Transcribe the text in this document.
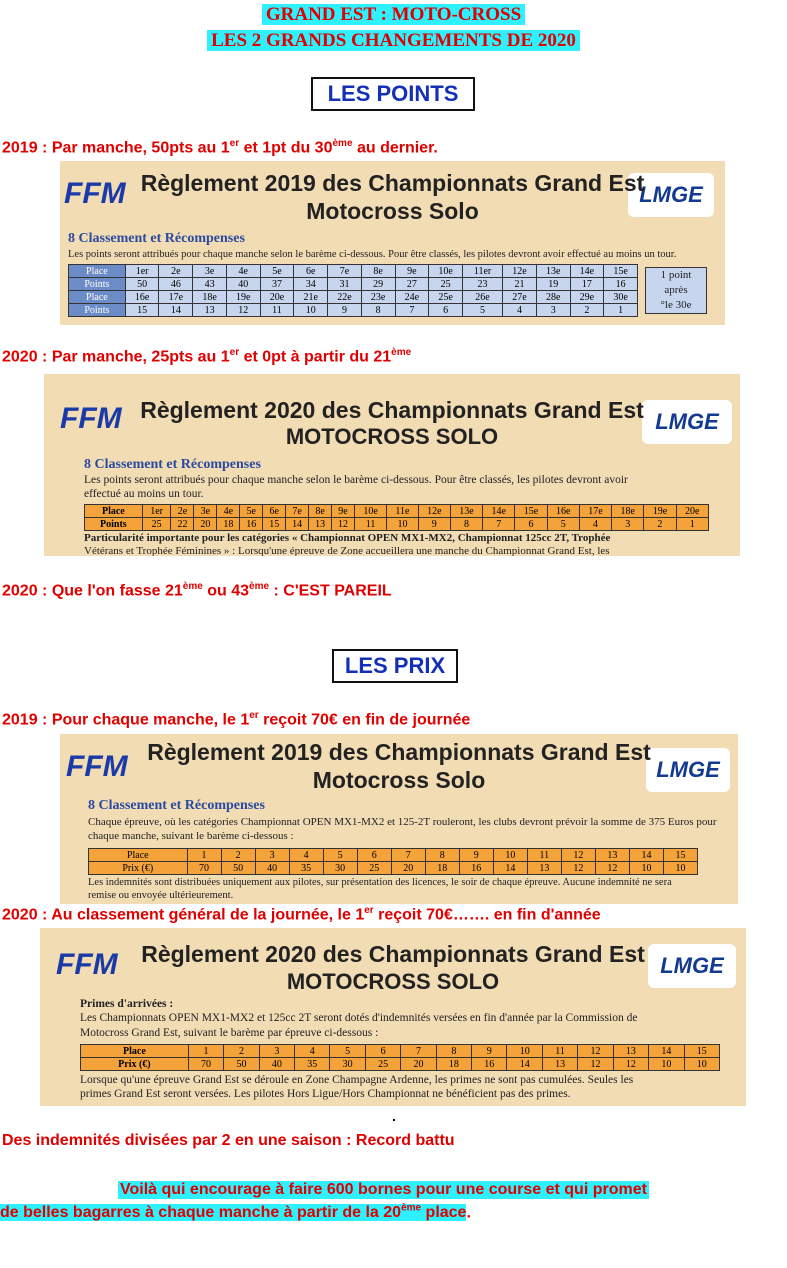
GRAND EST : MOTO-CROSS
LES 2 GRANDS CHANGEMENTS DE 2020
LES POINTS
2019 : Par manche, 50pts au 1er et 1pt du 30ème au dernier.
FFM	LMGE
Règlement 2019 des Championnats Grand Est
Motocross Solo
8 Classement et Récompenses
Les points seront attribués pour chaque manche selon le barème ci-dessous. Pour être classés, les pilotes devront avoir effectué au moins un tour.
Place	1er	2e	3e	4e	5e	6e	7e	8e	9e	10e	11er	12e	13e	14e	15e
Points	50	46	43	40	37	34	31	29	27	25	23	21	19	17	16
Place	16e	17e	18e	19e	20e	21e	22e	23e	24e	25e	26e	27e	28e	29e	30e
Points	15	14	13	12	11	10	9	8	7	6	5	4	3	2	1
1 point
après
°le 30e
2020 : Par manche, 25pts au 1er et 0pt à partir du 21ème
FFM	LMGE
Règlement 2020 des Championnats Grand Est
MOTOCROSS SOLO
8 Classement et Récompenses
Les points seront attribués pour chaque manche selon le barème ci-dessous. Pour être classés, les pilotes devront avoir
effectué au moins un tour.
Place	1er	2e	3e	4e	5e	6e	7e	8e	9e	10e	11e	12e	13e	14e	15e	16e	17e	18e	19e	20e
Points	25	22	20	18	16	15	14	13	12	11	10	9	8	7	6	5	4	3	2	1
Particularité importante pour les catégories « Championnat OPEN MX1-MX2, Championnat 125cc 2T, Trophée
Vétérans et Trophée Féminines » : Lorsqu'une épreuve de Zone accueillera une manche du Championnat Grand Est, les
2020 : Que l'on fasse 21ème ou 43ème : C'EST PAREIL
LES PRIX
2019 : Pour chaque manche, le 1er reçoit 70€ en fin de journée
FFM	LMGE
Règlement 2019 des Championnats Grand Est
Motocross Solo
8 Classement et Récompenses
Chaque épreuve, où les catégories Championnat OPEN MX1-MX2 et 125-2T rouleront, les clubs devront prévoir la somme de 375 Euros pour
chaque manche, suivant le barème ci-dessous :
Place	1	2	3	4	5	6	7	8	9	10	11	12	13	14	15
Prix (€)	70	50	40	35	30	25	20	18	16	14	13	12	12	10	10
Les indemnités sont distribuées uniquement aux pilotes, sur présentation des licences, le soir de chaque épreuve. Aucune indemnité ne sera
remise ou envoyée ultérieurement.
2020 : Au classement général de la journée, le 1er reçoit 70€……. en fin d'année
FFM	LMGE
Règlement 2020 des Championnats Grand Est
MOTOCROSS SOLO
Primes d'arrivées :
Les Championnats OPEN MX1-MX2 et 125cc 2T seront dotés d'indemnités versées en fin d'année par la Commission de
Motocross Grand Est, suivant le barème par épreuve ci-dessous :
Place	1	2	3	4	5	6	7	8	9	10	11	12	13	14	15
Prix (€)	70	50	40	35	30	25	20	18	16	14	13	12	12	10	10
Lorsque qu'une épreuve Grand Est se déroule en Zone Champagne Ardenne, les primes ne sont pas cumulées. Seules les
primes Grand Est seront versées. Les pilotes Hors Ligue/Hors Championnat ne bénéficient pas des primes.
.
Des indemnités divisées par 2 en une saison : Record battu
Voilà qui encourage à faire 600 bornes pour une course et qui promet
de belles bagarres à chaque manche à partir de la 20ème place.
